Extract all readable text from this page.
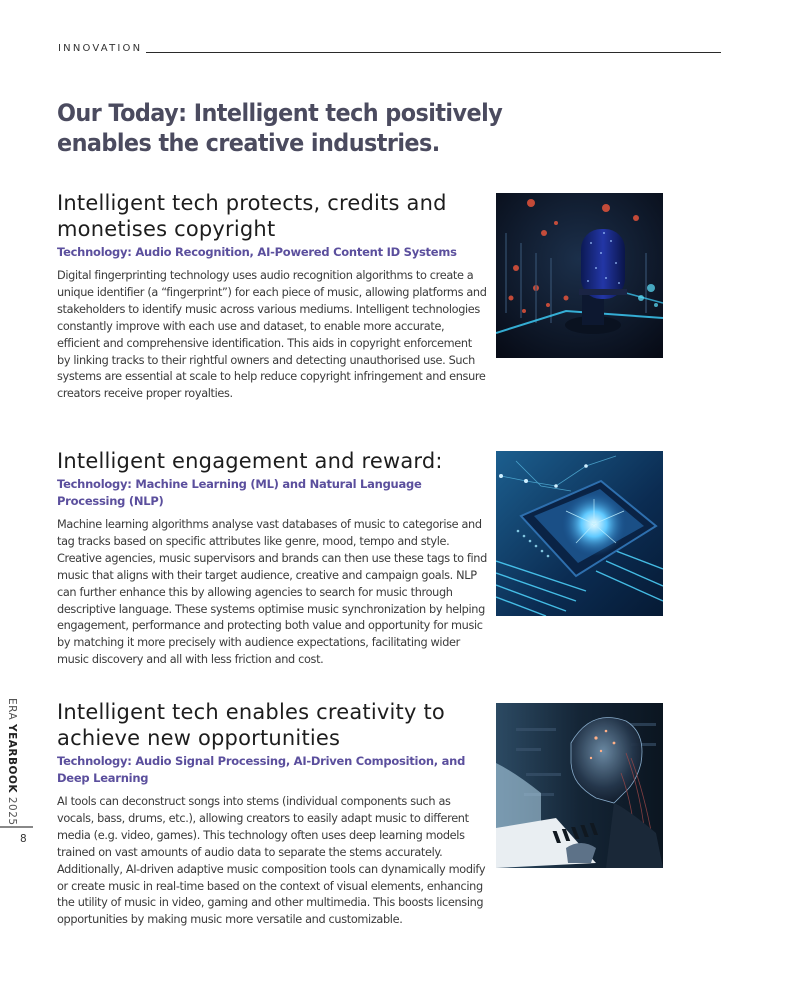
INNOVATION
Our Today: Intelligent tech positively enables the creative industries.
Intelligent tech protects, credits and monetises copyright
Technology: Audio Recognition, AI-Powered Content ID Systems

Digital fingerprinting technology uses audio recognition algorithms to create a unique identifier (a “fingerprint”) for each piece of music, allowing platforms and stakeholders to identify music across various mediums. Intelligent technologies constantly improve with each use and dataset, to enable more accurate, efficient and comprehensive identification. This aids in copyright enforcement by linking tracks to their rightful owners and detecting unauthorised use. Such systems are essential at scale to help reduce copyright infringement and ensure creators receive proper royalties.

Intelligent engagement and reward:
Technology: Machine Learning (ML) and Natural Language Processing (NLP)

Machine learning algorithms analyse vast databases of music to categorise and tag tracks based on specific attributes like genre, mood, tempo and style. Creative agencies, music supervisors and brands can then use these tags to find music that aligns with their target audience, creative and campaign goals. NLP can further enhance this by allowing agencies to search for music through descriptive language. These systems optimise music synchronization by helping engagement, performance and protecting both value and opportunity for music by matching it more precisely with audience expectations, facilitating wider music discovery and all with less friction and cost.

Intelligent tech enables creativity to achieve new opportunities
Technology: Audio Signal Processing, AI-Driven Composition, and Deep Learning

AI tools can deconstruct songs into stems (individual components such as vocals, bass, drums, etc.), allowing creators to easily adapt music to different media (e.g. video, games). This technology often uses deep learning models trained on vast amounts of audio data to separate the stems accurately. Additionally, AI-driven adaptive music composition tools can dynamically modify or create music in real-time based on the context of visual elements, enhancing the utility of music in video, gaming and other multimedia. This boosts licensing opportunities by making music more versatile and customizable.

ERA YEARBOOK 2025
8
